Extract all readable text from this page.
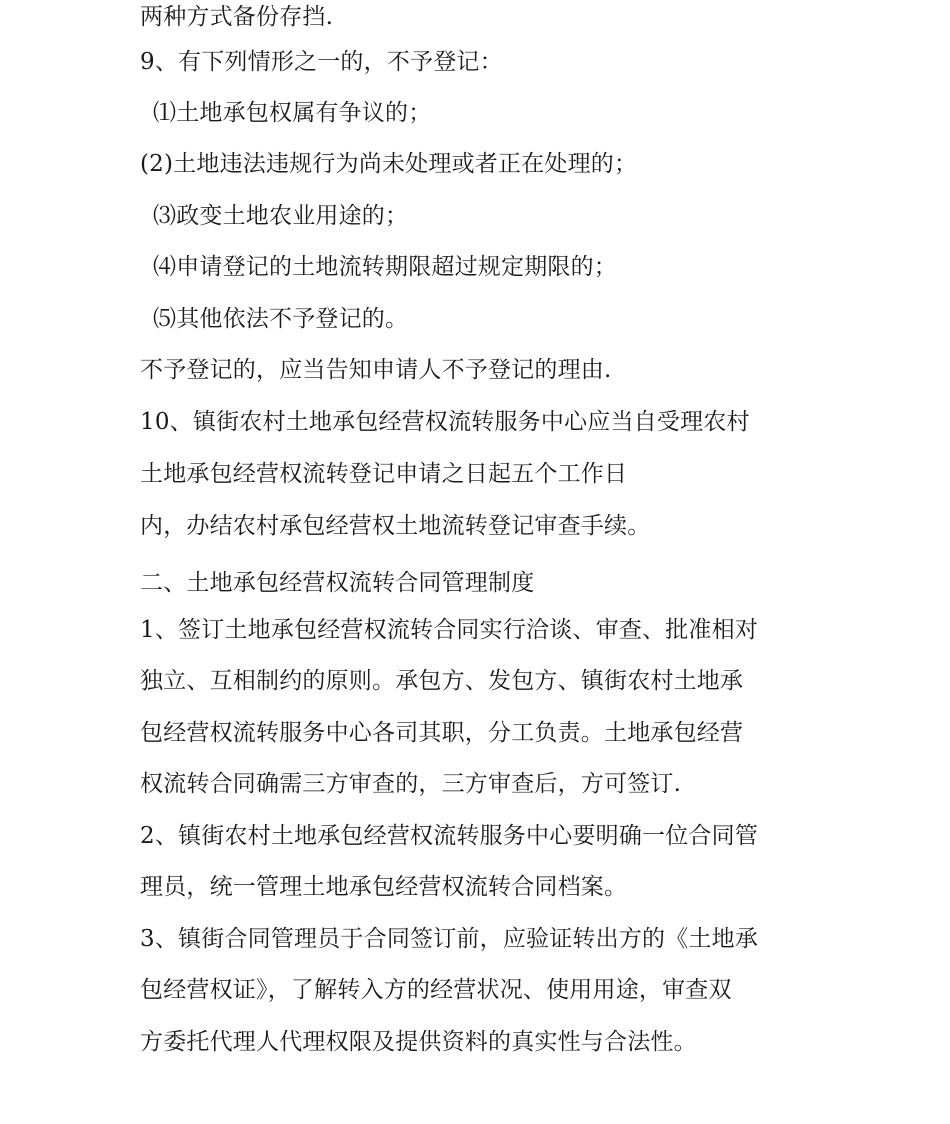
两种方式备份存挡.
9、有下列情形之一的，不予登记：
⑴土地承包权属有争议的；
(2)土地违法违规行为尚未处理或者正在处理的；
⑶政变土地农业用途的；
⑷申请登记的土地流转期限超过规定期限的；
⑸其他依法不予登记的。
不予登记的，应当告知申请人不予登记的理由.
10、镇街农村土地承包经营权流转服务中心应当自受理农村
土地承包经营权流转登记申请之日起五个工作日
内，办结农村承包经营权土地流转登记审查手续。
二、土地承包经营权流转合同管理制度
1、签订土地承包经营权流转合同实行洽谈、审查、批准相对
独立、互相制约的原则。承包方、发包方、镇街农村土地承
包经营权流转服务中心各司其职，分工负责。土地承包经营
权流转合同确需三方审查的，三方审查后，方可签订.
2、镇街农村土地承包经营权流转服务中心要明确一位合同管
理员，统一管理土地承包经营权流转合同档案。
3、镇街合同管理员于合同签订前，应验证转出方的《土地承
包经营权证》，了解转入方的经营状况、使用用途，审查双
方委托代理人代理权限及提供资料的真实性与合法性。
